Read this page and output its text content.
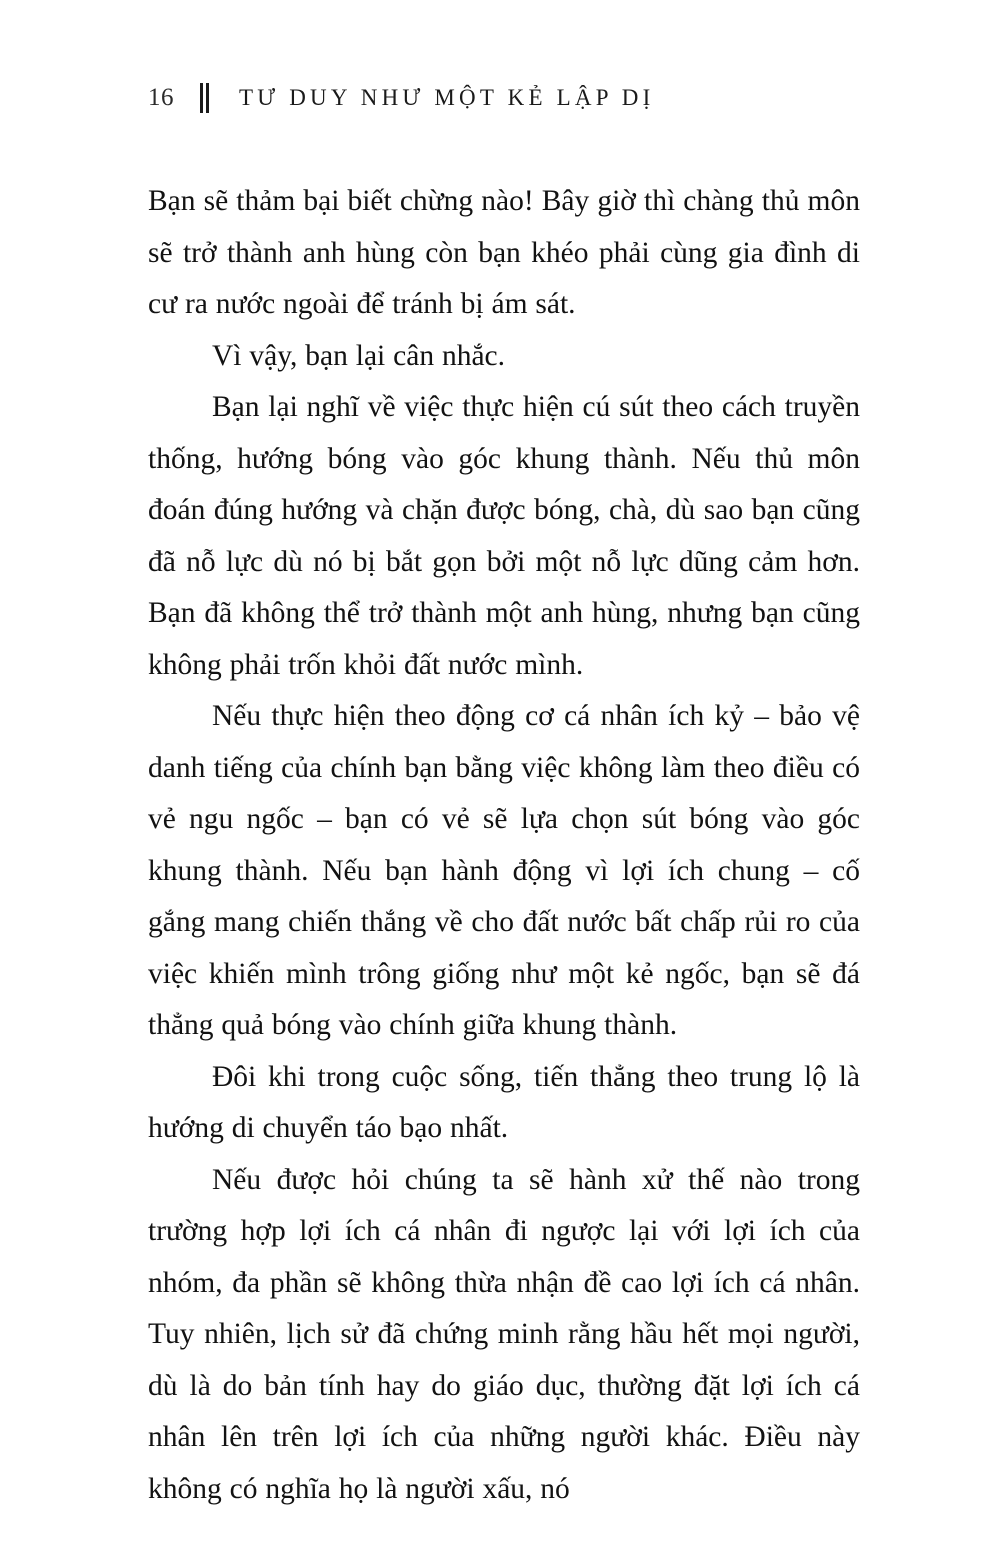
16	TƯ DUY NHƯ MỘT KẺ LẬP DỊ

Bạn sẽ thảm bại biết chừng nào! Bây giờ thì chàng thủ môn sẽ trở thành anh hùng còn bạn khéo phải cùng gia đình di cư ra nước ngoài để tránh bị ám sát.

Vì vậy, bạn lại cân nhắc.

Bạn lại nghĩ về việc thực hiện cú sút theo cách truyền thống, hướng bóng vào góc khung thành. Nếu thủ môn đoán đúng hướng và chặn được bóng, chà, dù sao bạn cũng đã nỗ lực dù nó bị bắt gọn bởi một nỗ lực dũng cảm hơn. Bạn đã không thể trở thành một anh hùng, nhưng bạn cũng không phải trốn khỏi đất nước mình.

Nếu thực hiện theo động cơ cá nhân ích kỷ – bảo vệ danh tiếng của chính bạn bằng việc không làm theo điều có vẻ ngu ngốc – bạn có vẻ sẽ lựa chọn sút bóng vào góc khung thành. Nếu bạn hành động vì lợi ích chung – cố gắng mang chiến thắng về cho đất nước bất chấp rủi ro của việc khiến mình trông giống như một kẻ ngốc, bạn sẽ đá thẳng quả bóng vào chính giữa khung thành.

Đôi khi trong cuộc sống, tiến thẳng theo trung lộ là hướng di chuyển táo bạo nhất.

Nếu được hỏi chúng ta sẽ hành xử thế nào trong trường hợp lợi ích cá nhân đi ngược lại với lợi ích của nhóm, đa phần sẽ không thừa nhận đề cao lợi ích cá nhân. Tuy nhiên, lịch sử đã chứng minh rằng hầu hết mọi người, dù là do bản tính hay do giáo dục, thường đặt lợi ích cá nhân lên trên lợi ích của những người khác. Điều này không có nghĩa họ là người xấu, nó
